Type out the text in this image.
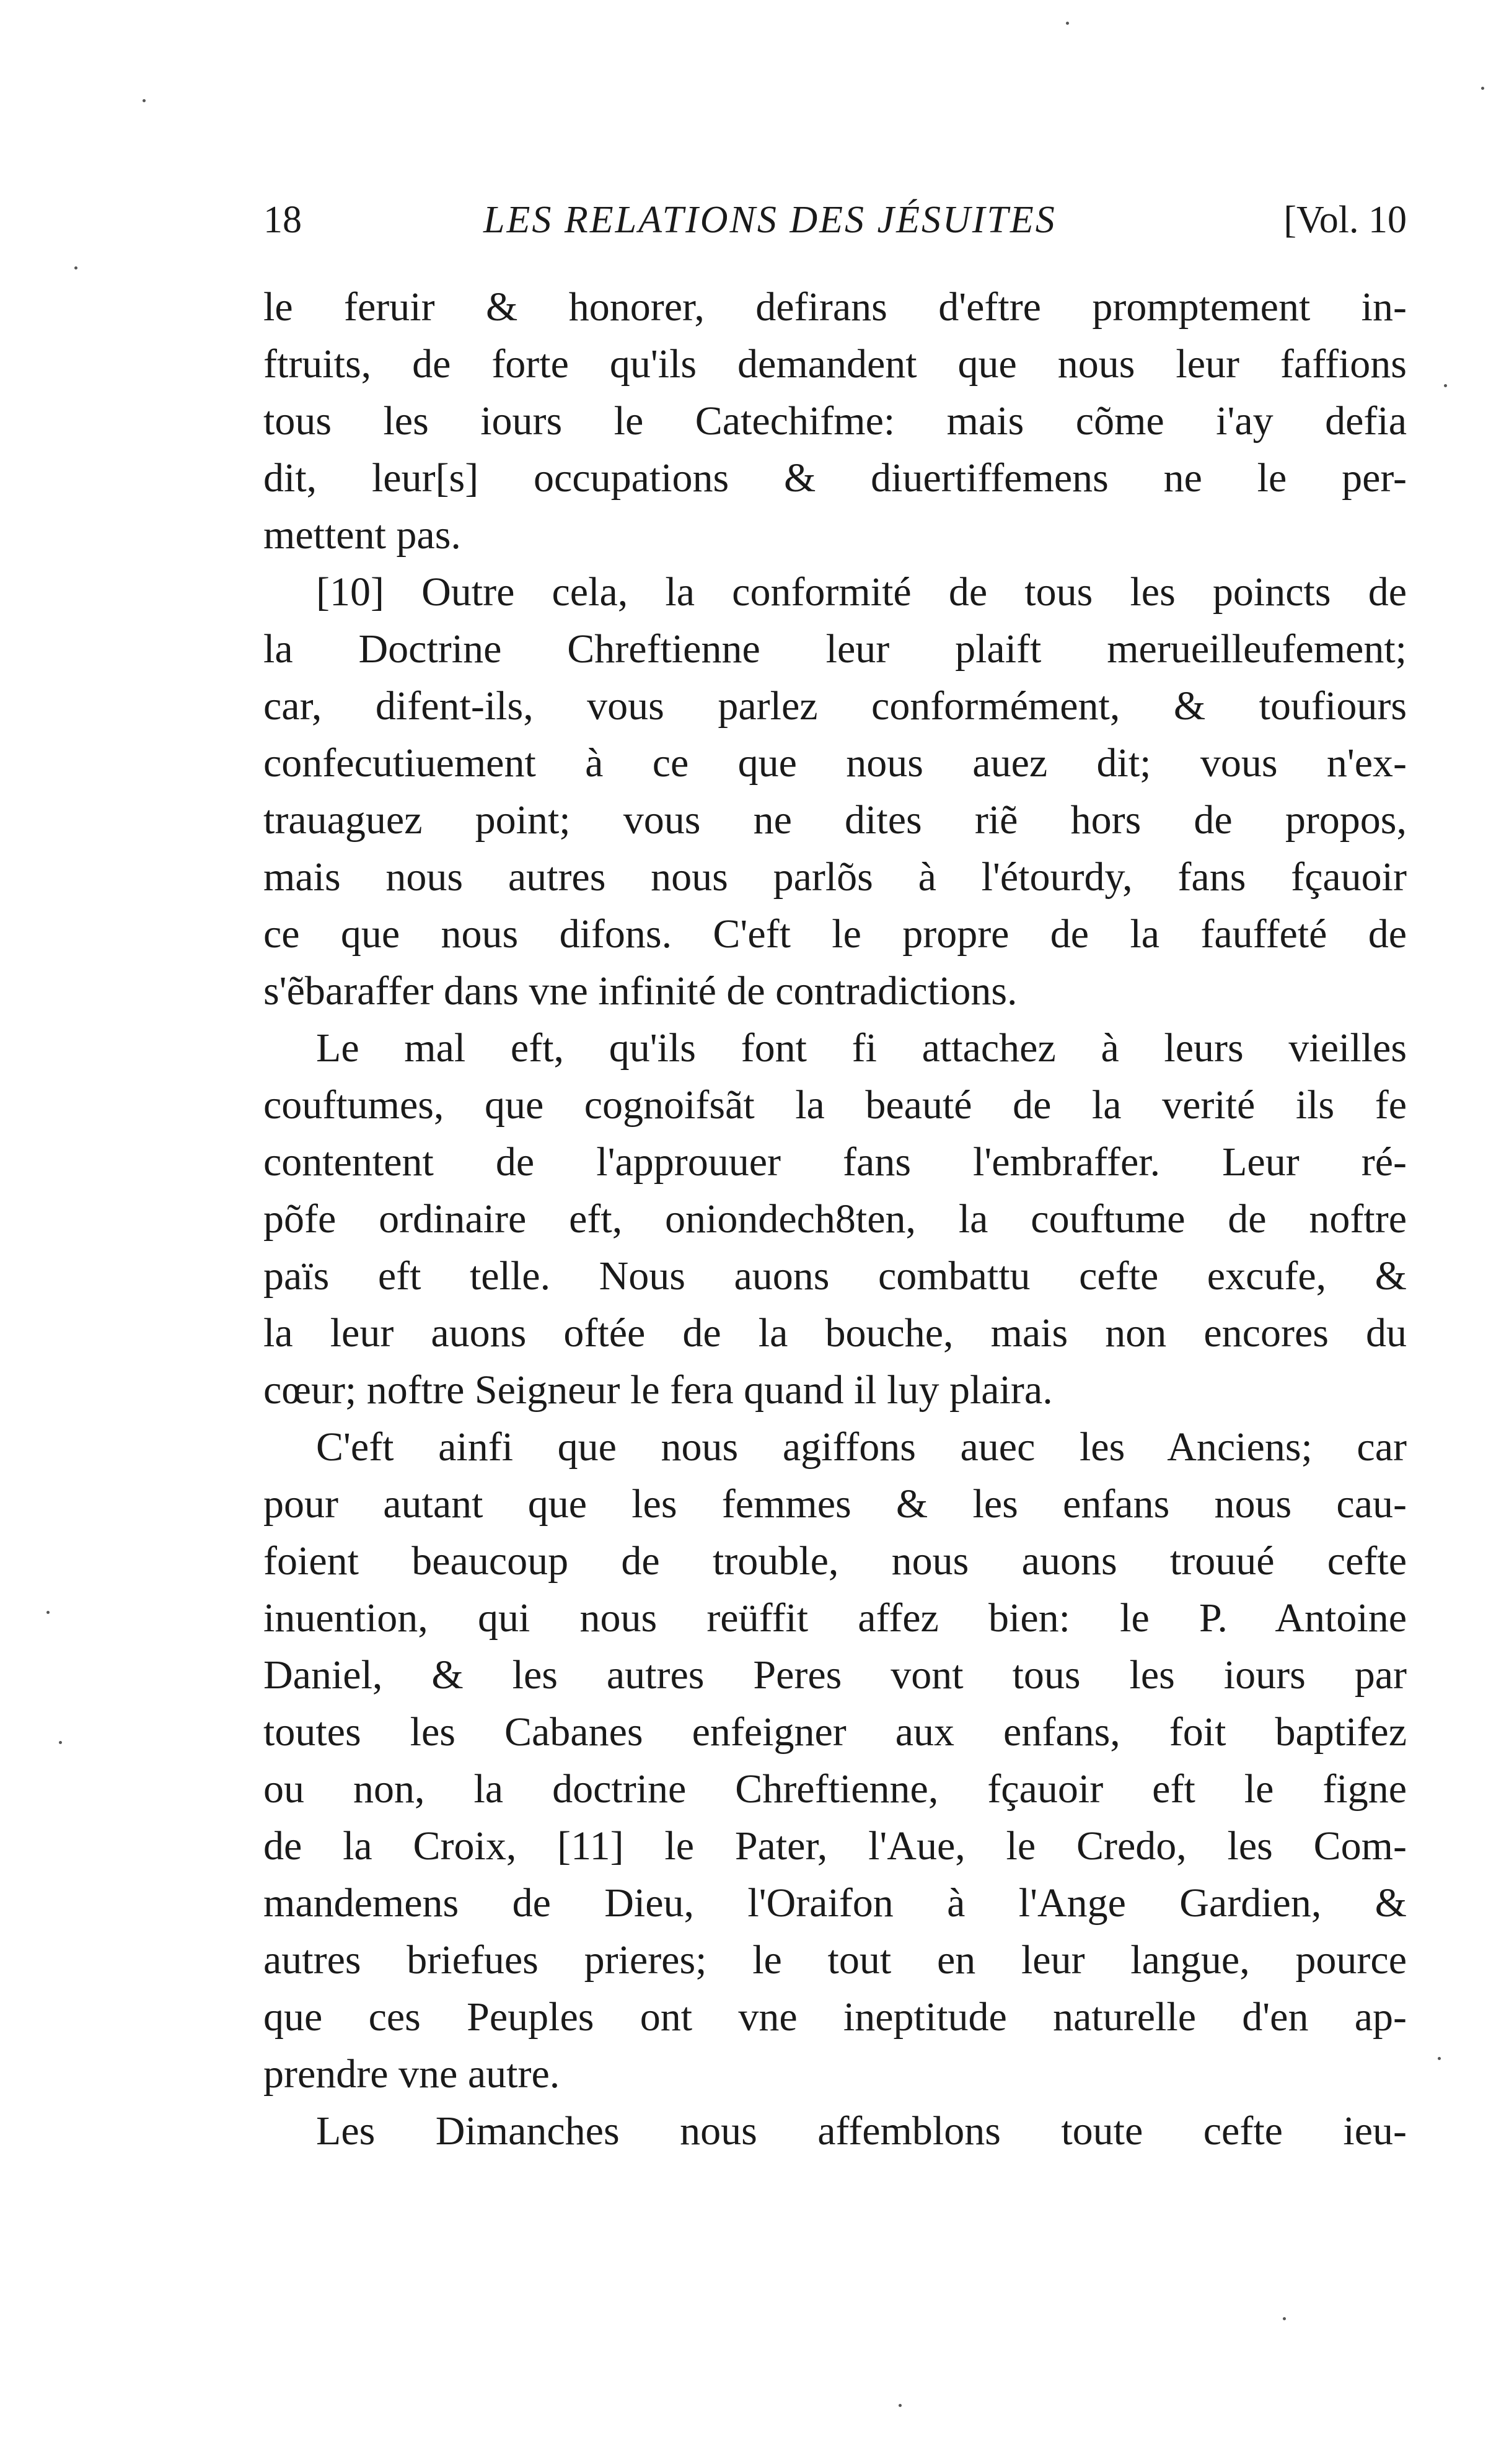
18	LES RELATIONS DES JÉSUITES	[Vol. 10
le feruir & honorer, defirans d'eftre promptement in-
ftruits, de forte qu'ils demandent que nous leur faffions
tous les iours le Catechifme: mais cõme i'ay defia
dit, leur[s] occupations & diuertiffemens ne le per-
mettent pas.
[10] Outre cela, la conformité de tous les poincts de
la Doctrine Chreftienne leur plaift merueilleufement;
car, difent-ils, vous parlez conformément, & toufiours
confecutiuement à ce que nous auez dit; vous n'ex-
trauaguez point; vous ne dites riẽ hors de propos,
mais nous autres nous parlõs à l'étourdy, fans fçauoir
ce que nous difons. C'eft le propre de la fauffeté de
s'ẽbaraffer dans vne infinité de contradictions.
Le mal eft, qu'ils font fi attachez à leurs vieilles
couftumes, que cognoifsãt la beauté de la verité ils fe
contentent de l'approuuer fans l'embraffer. Leur ré-
põfe ordinaire eft, oniondech8ten, la couftume de noftre
païs eft telle. Nous auons combattu cefte excufe, &
la leur auons oftée de la bouche, mais non encores du
cœur; noftre Seigneur le fera quand il luy plaira.
C'eft ainfi que nous agiffons auec les Anciens; car
pour autant que les femmes & les enfans nous cau-
foient beaucoup de trouble, nous auons trouué cefte
inuention, qui nous reüffit affez bien: le P. Antoine
Daniel, & les autres Peres vont tous les iours par
toutes les Cabanes enfeigner aux enfans, foit baptifez
ou non, la doctrine Chreftienne, fçauoir eft le figne
de la Croix, [11] le Pater, l'Aue, le Credo, les Com-
mandemens de Dieu, l'Oraifon à l'Ange Gardien, &
autres briefues prieres; le tout en leur langue, pource
que ces Peuples ont vne ineptitude naturelle d'en ap-
prendre vne autre.
Les Dimanches nous affemblons toute cefte ieu-
